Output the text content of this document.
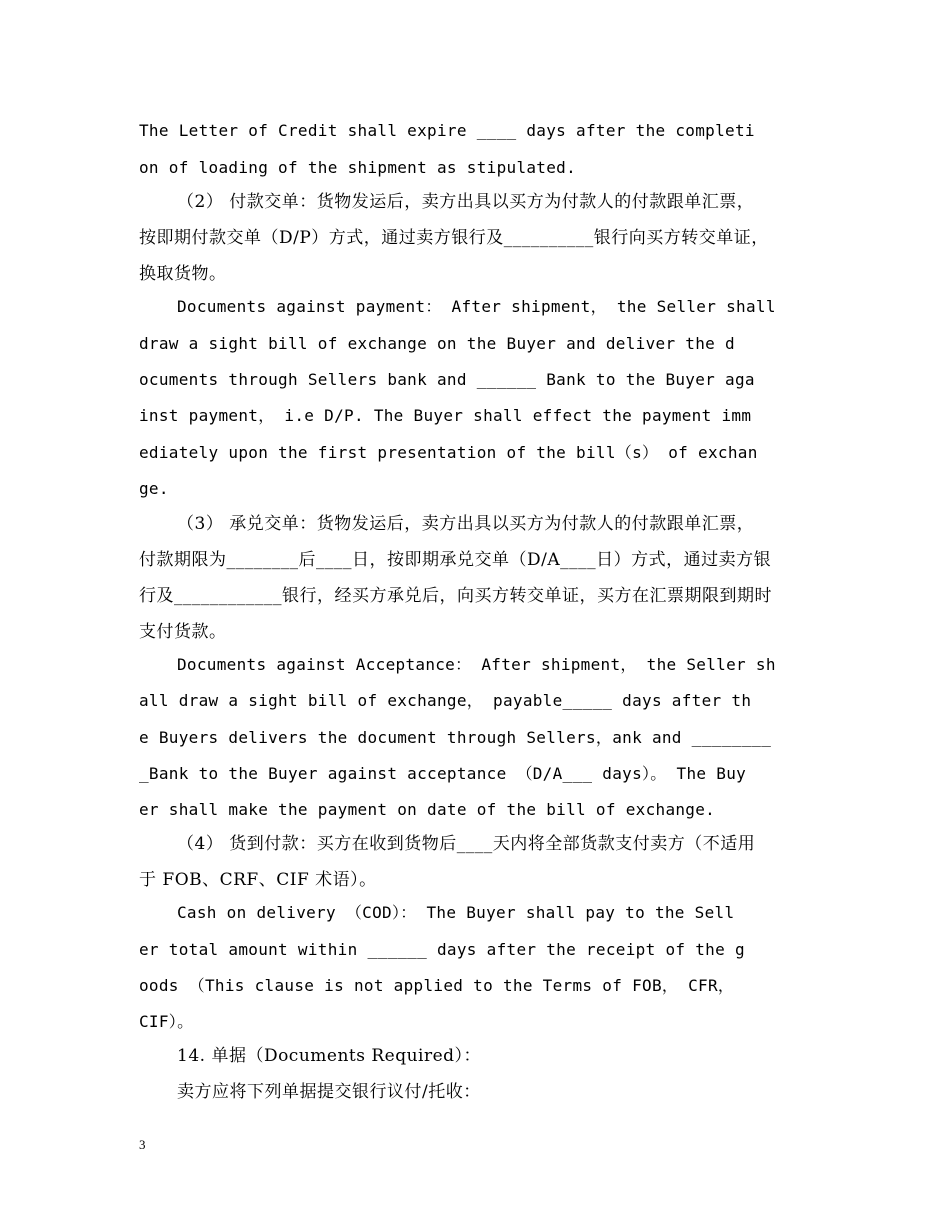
The Letter of Credit shall expire ____ days after the completi
on of loading of the shipment as stipulated.
（2） 付款交单：货物发运后，卖方出具以买方为付款人的付款跟单汇票，
按即期付款交单（D/P）方式，通过卖方银行及__________银行向买方转交单证，
换取货物。
Documents against payment： After shipment， the Seller shall
draw a sight bill of exchange on the Buyer and deliver the d
ocuments through Sellers bank and ______ Bank to the Buyer aga
inst payment， i.e D/P. The Buyer shall effect the payment imm
ediately upon the first presentation of the bill（s） of exchan
ge.
（3） 承兑交单：货物发运后，卖方出具以买方为付款人的付款跟单汇票，
付款期限为________后____日，按即期承兑交单（D/A____日）方式，通过卖方银
行及____________银行，经买方承兑后，向买方转交单证，买方在汇票期限到期时
支付货款。
Documents against Acceptance： After shipment， the Seller sh
all draw a sight bill of exchange， payable_____ days after th
e Buyers delivers the document through Sellers，ank and ________
_Bank to the Buyer against acceptance （D/A___ days）。 The Buy
er shall make the payment on date of the bill of exchange.
（4） 货到付款：买方在收到货物后____天内将全部货款支付卖方（不适用
于 FOB、CRF、CIF 术语）。
Cash on delivery （COD）： The Buyer shall pay to the Sell
er total amount within ______ days after the receipt of the g
oods （This clause is not applied to the Terms of FOB， CFR，
CIF）。
14. 单据（Documents Required）：
卖方应将下列单据提交银行议付/托收：
3
